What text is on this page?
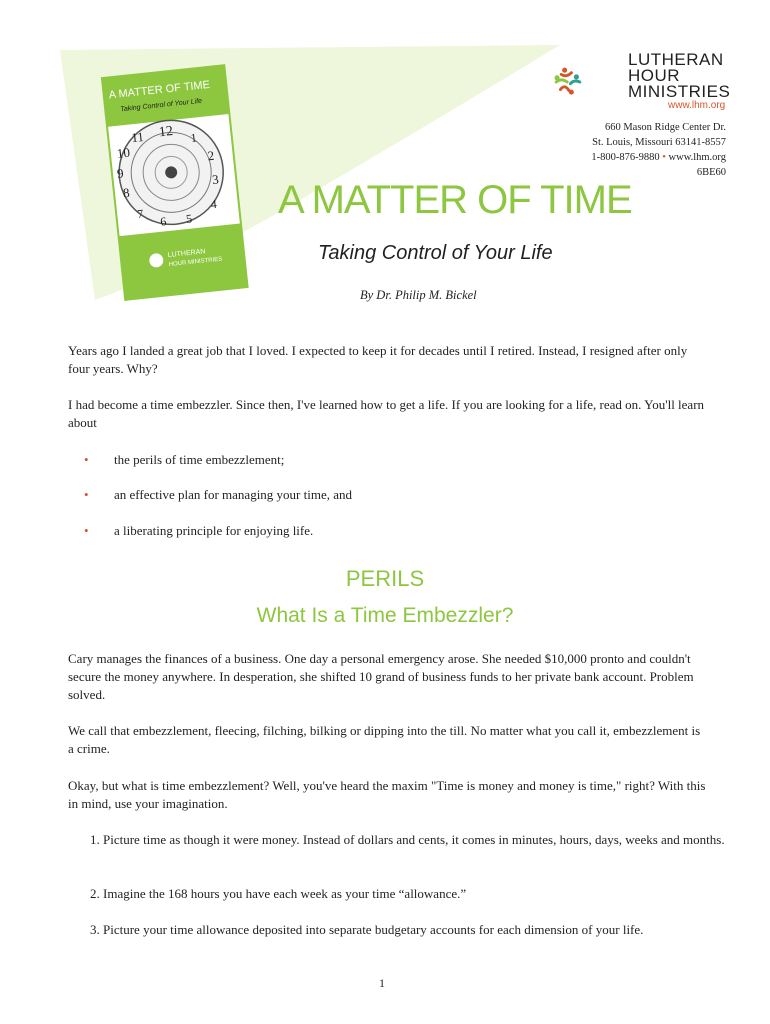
12 1
2
3
4
5
6
7
8
9
10
11
A MATTER OF TIME
Taking Control of Your Life
LUTHERAN
HOUR MINISTRIES
LUTHERAN
HOUR
MINISTRIES
www.lhm.org
660 Mason Ridge Center Dr.
St. Louis, Missouri 63141-8557
1-800-876-9880 • www.lhm.org
6BE60
A MATTER OF TIME
Taking Control of Your Life
By Dr. Philip M. Bickel
Years ago I landed a great job that I loved. I expected to keep it for decades until I retired. Instead, I resigned after only four years. Why?
I had become a time embezzler. Since then, I've learned how to get a life. If you are looking for a life, read on. You'll learn about
• the perils of time embezzlement;
• an effective plan for managing your time, and
• a liberating principle for enjoying life.
PERILS
What Is a Time Embezzler?
Cary manages the finances of a business. One day a personal emergency arose. She needed $10,000 pronto and couldn't secure the money anywhere. In desperation, she shifted 10 grand of business funds to her private bank account. Problem solved.
We call that embezzlement, fleecing, filching, bilking or dipping into the till. No matter what you call it, embezzlement is a crime.
Okay, but what is time embezzlement? Well, you've heard the maxim "Time is money and money is time," right? With this in mind, use your imagination.
1. Picture time as though it were money. Instead of dollars and cents, it comes in minutes, hours, days, weeks and months.
2. Imagine the 168 hours you have each week as your time “allowance.”
3. Picture your time allowance deposited into separate budgetary accounts for each dimension of your life.
1
